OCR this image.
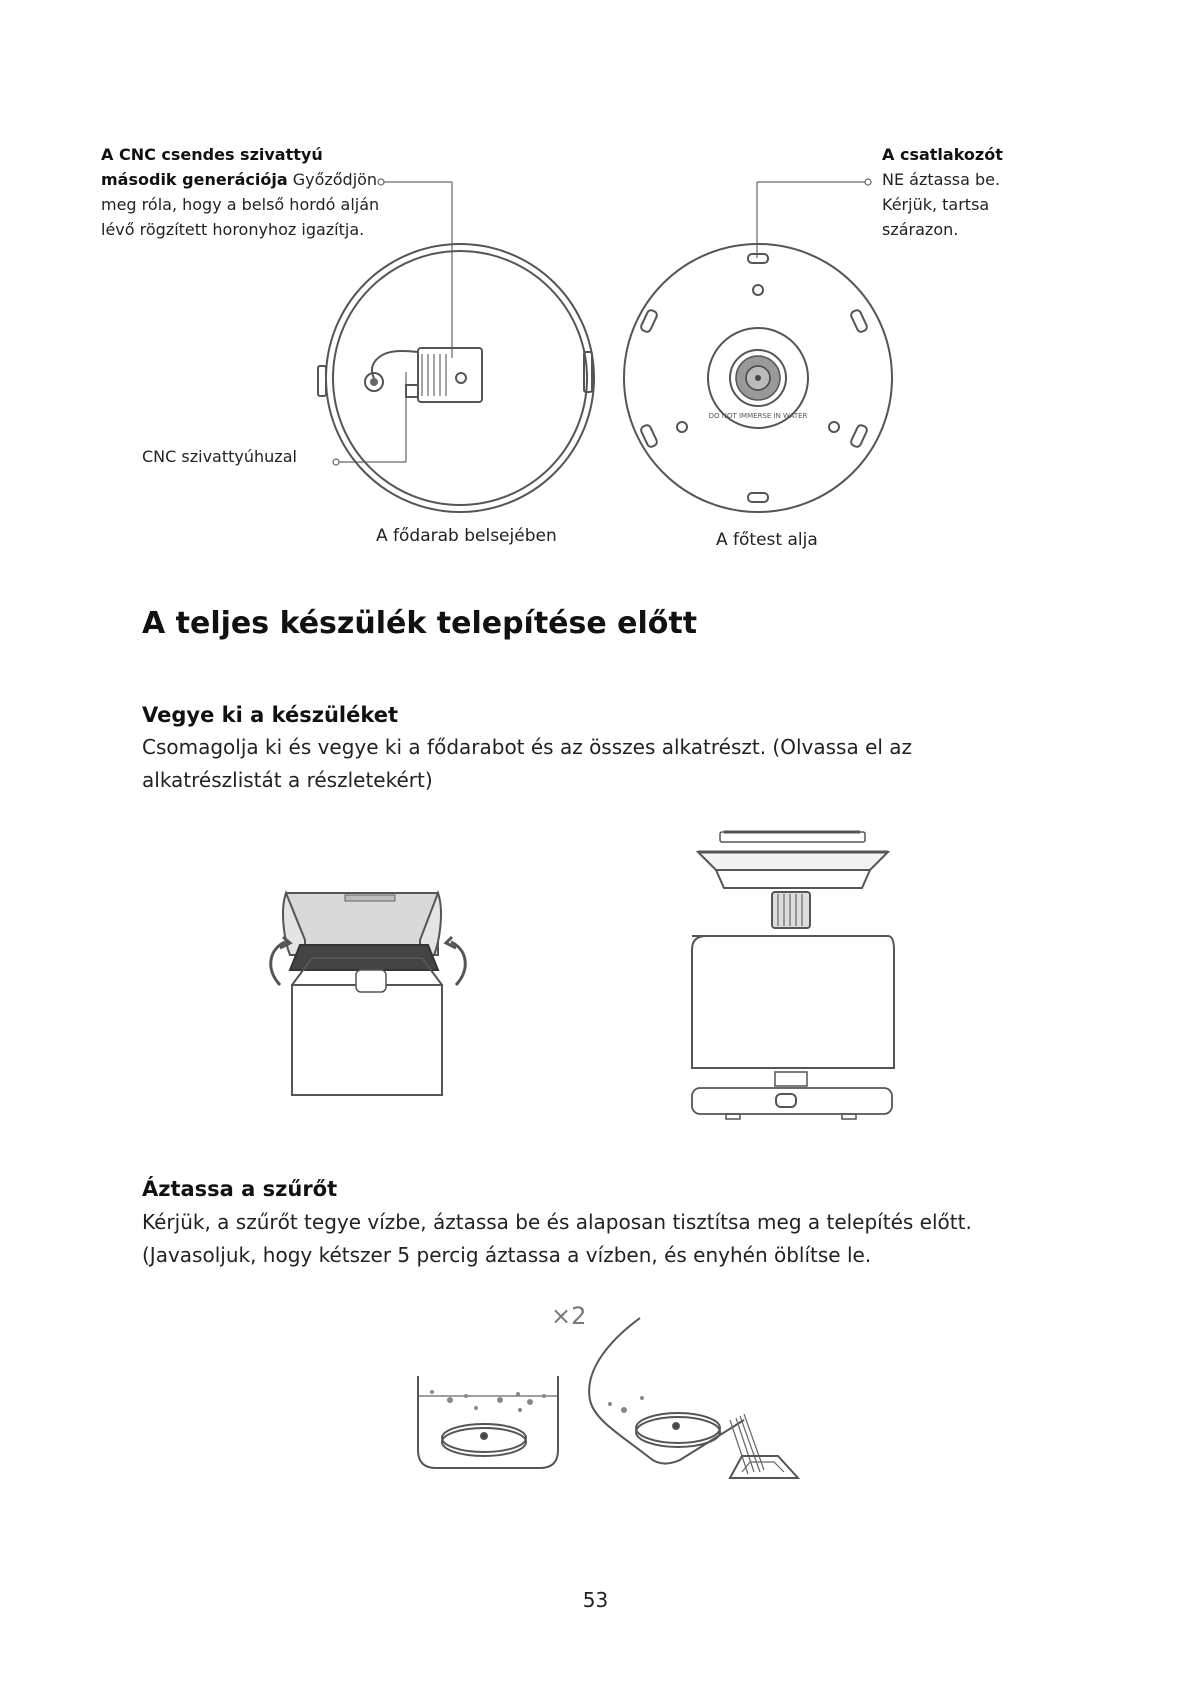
A CNC csendes szivattyú második generációja Győződjön meg róla, hogy a belső hordó alján lévő rögzített horonyhoz igazítja.
A csatlakozót
NE áztassa be. Kérjük, tartsa szárazon.
CNC szivattyúhuzal
A fődarab belsejében	A főtest alja
DO NOT IMMERSE IN WATER
A teljes készülék telepítése előtt
Vegye ki a készüléket

Csomagolja ki és vegye ki a fődarabot és az összes alkatrészt. (Olvassa el az alkatrészlistát a részletekért)

Áztassa a szűrőt

Kérjük, a szűrőt tegye vízbe, áztassa be és alaposan tisztítsa meg a telepítés előtt. (Javasoljuk, hogy kétszer 5 percig áztassa a vízben, és enyhén öblítse le.

×2
53
